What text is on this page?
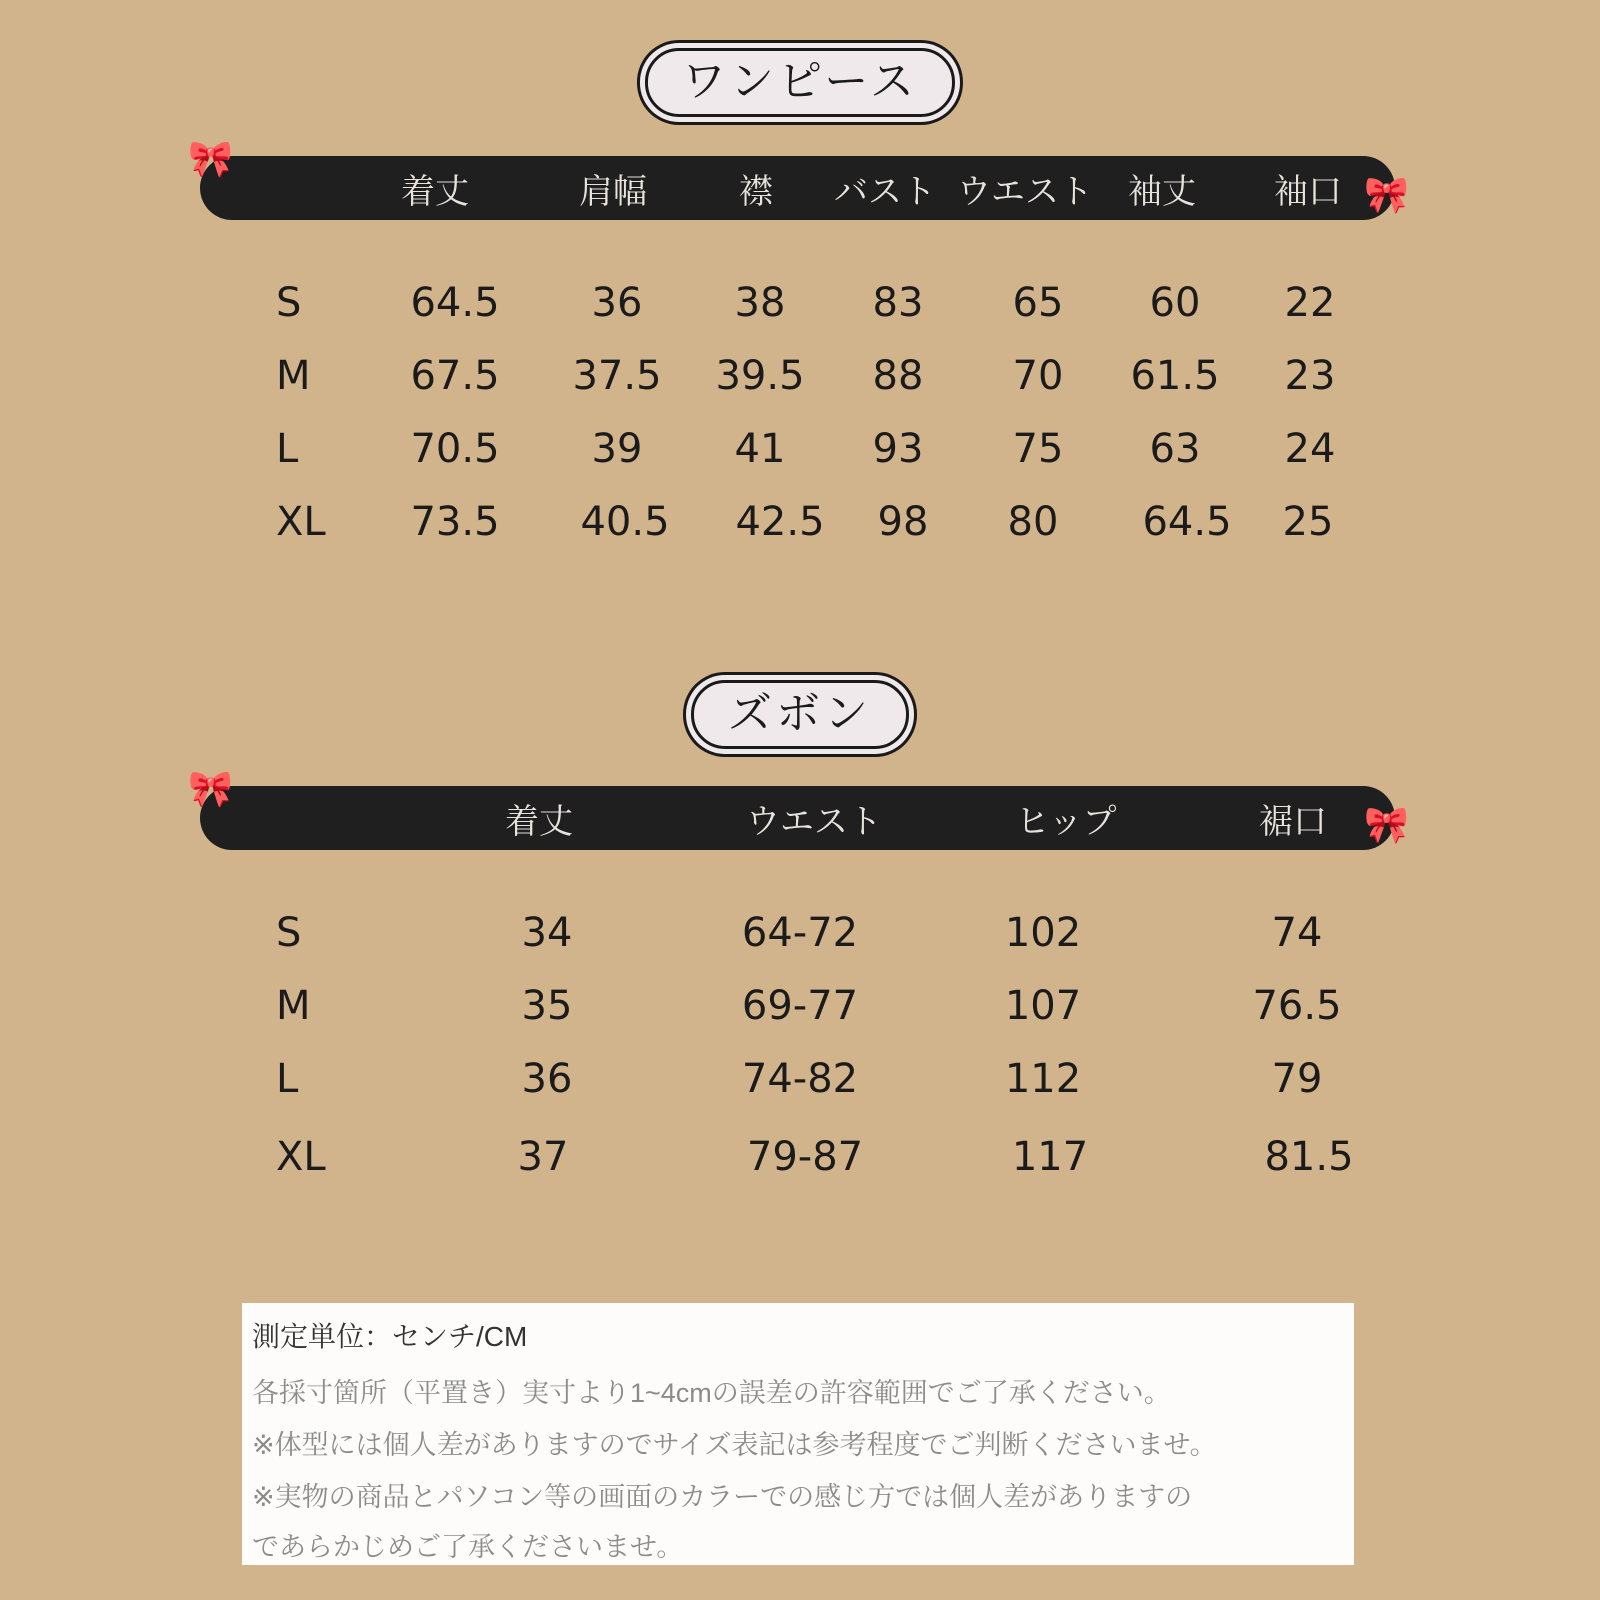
ワンピース
🎀
着丈	肩幅	襟	バスト ウエスト	袖丈	袖口 🎀
S	64.5	36	38	83	65	60	22
M	67.5	37.5	39.5	88	70	61.5	23
L	70.5	39	41	93	75	63	24
XL	73.5	40.5	42.5	98	80	64.5	25
ズボン
🎀
着丈	ウエスト	ヒップ	裾口	🎀
S	34	64-72	102	74
M	35	69-77	107	76.5
L	36	74-82	112	79
XL	37	79-87	117	81.5
測定単位：センチ/CM
各採寸箇所（平置き）実寸より1~4cmの誤差の許容範囲でご了承ください。
※体型には個人差がありますのでサイズ表記は参考程度でご判断くださいませ。
※実物の商品とパソコン等の画面のカラーでの感じ方では個人差がありますの
であらかじめご了承くださいませ。
